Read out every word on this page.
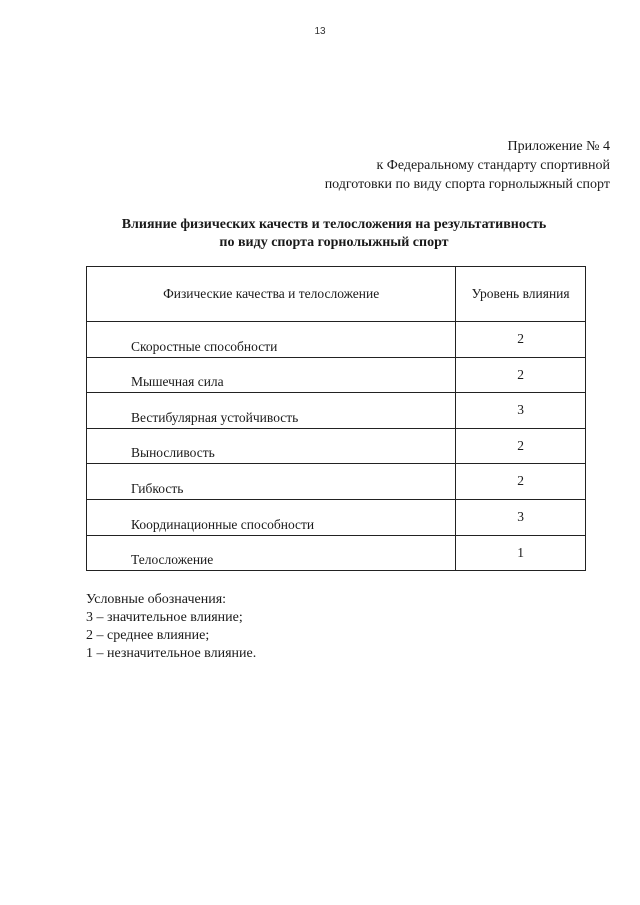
13
Приложение № 4
к Федеральному стандарту спортивной
подготовки по виду спорта горнолыжный спорт
Влияние физических качеств и телосложения на результативность
по виду спорта горнолыжный спорт
Физические качества и телосложение	Уровень влияния
Скоростные способности	2
Мышечная сила	2
Вестибулярная устойчивость	3
Выносливость	2
Гибкость	2
Координационные способности	3
Телосложение	1
Условные обозначения:
3 – значительное влияние;
2 – среднее влияние;
1 – незначительное влияние.
